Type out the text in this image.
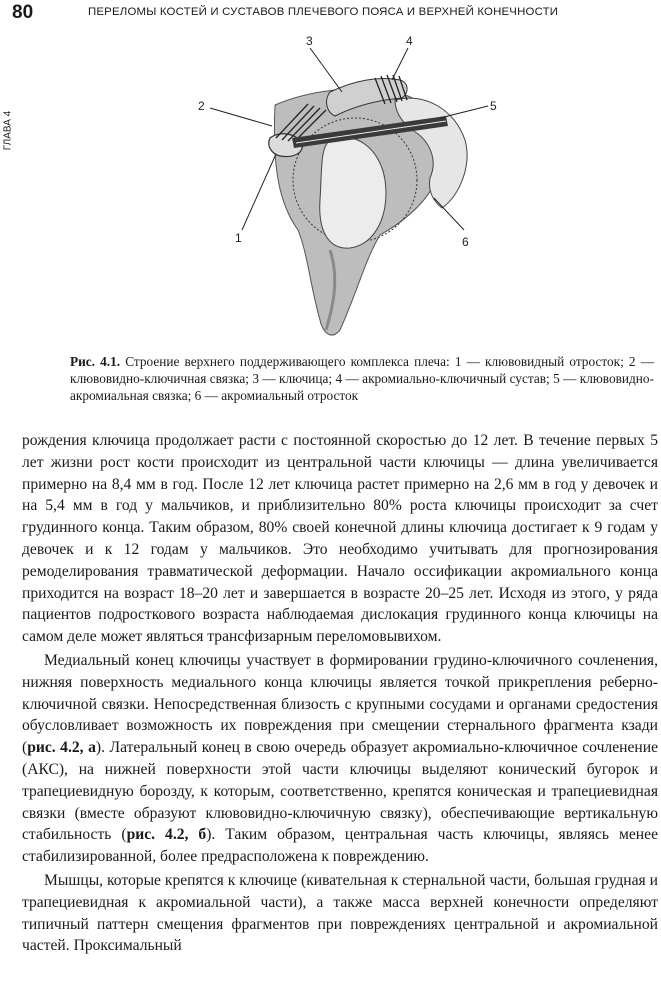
80	ПЕРЕЛОМЫ КОСТЕЙ И СУСТАВОВ ПЛЕЧЕВОГО ПОЯСА И ВЕРХНЕЙ КОНЕЧНОСТИ
ГЛАВА 4
1
2
3	4
5
6
Рис. 4.1. Строение верхнего поддерживающего комплекса плеча: 1 — клювовидный отросток; 2 — клювовидно-ключичная связка; 3 — ключица; 4 — акромиально-ключичный сустав; 5 — клювовидно-акромиальная связка; 6 — акромиальный отросток

рождения ключица продолжает расти с постоянной скоростью до 12 лет. В течение первых 5 лет жизни рост кости происходит из центральной части ключицы — длина увеличивается примерно на 8,4 мм в год. После 12 лет ключица растет примерно на 2,6 мм в год у девочек и на 5,4 мм в год у мальчиков, и приблизительно 80% роста ключицы происходит за счет грудинного конца. Таким образом, 80% своей конечной длины ключица достигает к 9 годам у девочек и к 12 годам у мальчиков. Это необходимо учитывать для прогнозирования ремоделирования травматической деформации. Начало оссификации акромиального конца приходится на возраст 18–20 лет и завершается в возрасте 20–25 лет. Исходя из этого, у ряда пациентов подросткового возраста наблюдаемая дислокация грудинного конца ключицы на самом деле может являться трансфизарным переломовывихом.

Медиальный конец ключицы участвует в формировании грудино-ключичного сочленения, нижняя поверхность медиального конца ключицы является точкой прикрепления реберно-ключичной связки. Непосредственная близость с крупными сосудами и органами средостения обусловливает возможность их повреждения при смещении стернального фрагмента кзади (рис. 4.2, а). Латеральный конец в свою очередь образует акромиально-ключичное сочленение (АКС), на нижней поверхности этой части ключицы выделяют конический бугорок и трапециевидную борозду, к которым, соответственно, крепятся коническая и трапециевидная связки (вместе образуют клювовидно-ключичную связку), обеспечивающие вертикальную стабильность (рис. 4.2, б). Таким образом, центральная часть ключицы, являясь менее стабилизированной, более предрасположена к повреждению.

Мышцы, которые крепятся к ключице (кивательная к стернальной части, большая грудная и трапециевидная к акромиальной части), а также масса верхней конечности определяют типичный паттерн смещения фрагментов при повреждениях центральной и акромиальной частей. Проксимальный
